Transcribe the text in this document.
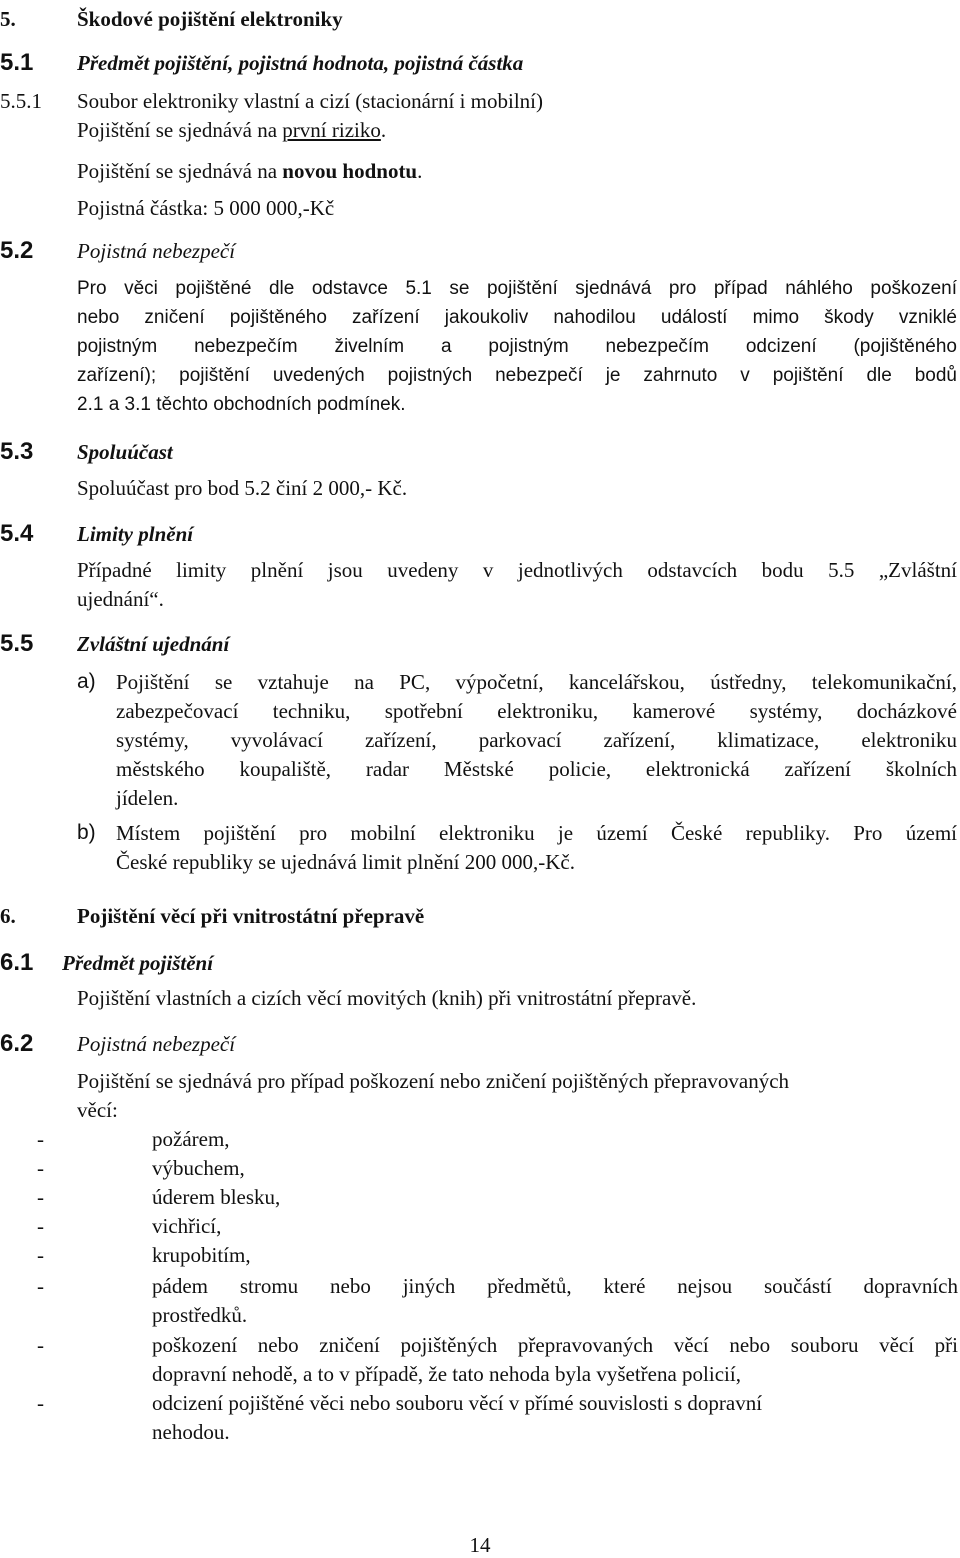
5.	Škodové pojištění elektroniky
5.1 Předmět pojištění, pojistná hodnota, pojistná částka
5.5.1 Soubor elektroniky vlastní a cizí (stacionární i mobilní)
Pojištění se sjednává na první riziko.
Pojištění se sjednává na novou hodnotu.
Pojistná částka: 5 000 000,-Kč
5.2 Pojistná nebezpečí
Pro věci pojištěné dle odstavce 5.1 se pojištění sjednává pro případ náhlého poškození
nebo zničení pojištěného zařízení jakoukoliv nahodilou událostí mimo škody vzniklé
pojistným nebezpečím živelním a pojistným nebezpečím odcizení (pojištěného
zařízení); pojištění uvedených pojistných nebezpečí je zahrnuto v pojištění dle bodů
2.1 a 3.1 těchto obchodních podmínek.
5.3 Spoluúčast
Spoluúčast pro bod 5.2 činí 2 000,- Kč.
5.4 Limity plnění
Případné limity plnění jsou uvedeny v jednotlivých odstavcích bodu 5.5 „Zvláštní
ujednání“.
5.5 Zvláštní ujednání
a) Pojištění se vztahuje na PC, výpočetní, kancelářskou, ústředny, telekomunikační,
zabezpečovací techniku, spotřební elektroniku, kamerové systémy, docházkové
systémy, vyvolávací zařízení, parkovací zařízení, klimatizace, elektroniku
městského koupaliště, radar Městské policie, elektronická zařízení školních
jídelen.
b) Místem pojištění pro mobilní elektroniku je území České republiky. Pro území
České republiky se ujednává limit plnění 200 000,-Kč.
6.	Pojištění věcí při vnitrostátní přepravě
6.1 Předmět pojištění
Pojištění vlastních a cizích věcí movitých (knih) při vnitrostátní přepravě.
6.2 Pojistná nebezpečí
Pojištění se sjednává pro případ poškození nebo zničení pojištěných přepravovaných
věcí:
-	požárem,
-	výbuchem,
-	úderem blesku,
-	vichřicí,
-	krupobitím,
-	pádem stromu nebo jiných předmětů, které nejsou součástí dopravních
prostředků.
-	poškození nebo zničení pojištěných přepravovaných věcí nebo souboru věcí při
dopravní nehodě, a to v případě, že tato nehoda byla vyšetřena policií,
-	odcizení pojištěné věci nebo souboru věcí v přímé souvislosti s dopravní
nehodou.
14
